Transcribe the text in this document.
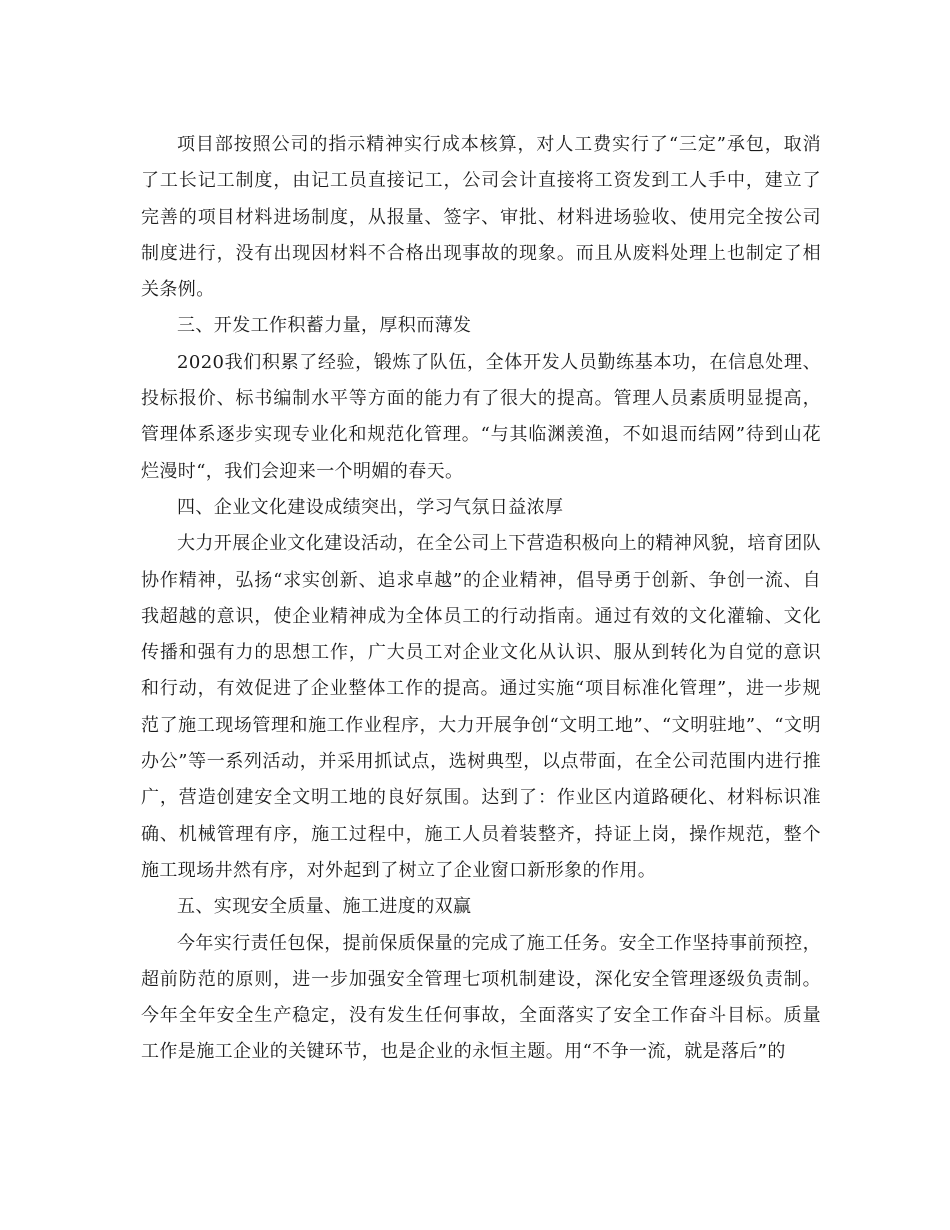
项目部按照公司的指示精神实行成本核算，对人工费实行了“三定”承包，取消了工长记工制度，由记工员直接记工，公司会计直接将工资发到工人手中，建立了完善的项目材料进场制度，从报量、签字、审批、材料进场验收、使用完全按公司制度进行，没有出现因材料不合格出现事故的现象。而且从废料处理上也制定了相关条例。

三、开发工作积蓄力量，厚积而薄发

2020我们积累了经验，锻炼了队伍，全体开发人员勤练基本功，在信息处理、投标报价、标书编制水平等方面的能力有了很大的提高。管理人员素质明显提高，管理体系逐步实现专业化和规范化管理。“与其临渊羡渔，不如退而结网”待到山花烂漫时“，我们会迎来一个明媚的春天。

四、企业文化建设成绩突出，学习气氛日益浓厚

大力开展企业文化建设活动，在全公司上下营造积极向上的精神风貌，培育团队协作精神，弘扬“求实创新、追求卓越”的企业精神，倡导勇于创新、争创一流、自我超越的意识，使企业精神成为全体员工的行动指南。通过有效的文化灌输、文化传播和强有力的思想工作，广大员工对企业文化从认识、服从到转化为自觉的意识和行动，有效促进了企业整体工作的提高。通过实施“项目标准化管理”，进一步规范了施工现场管理和施工作业程序，大力开展争创“文明工地”、“文明驻地”、“文明办公”等一系列活动，并采用抓试点，选树典型，以点带面，在全公司范围内进行推广，营造创建安全文明工地的良好氛围。达到了：作业区内道路硬化、材料标识准确、机械管理有序，施工过程中，施工人员着装整齐，持证上岗，操作规范，整个施工现场井然有序，对外起到了树立了企业窗口新形象的作用。

五、实现安全质量、施工进度的双赢

今年实行责任包保，提前保质保量的完成了施工任务。安全工作坚持事前预控，超前防范的原则，进一步加强安全管理七项机制建设，深化安全管理逐级负责制。今年全年安全生产稳定，没有发生任何事故，全面落实了安全工作奋斗目标。质量工作是施工企业的关键环节，也是企业的永恒主题。用“不争一流，就是落后”的
